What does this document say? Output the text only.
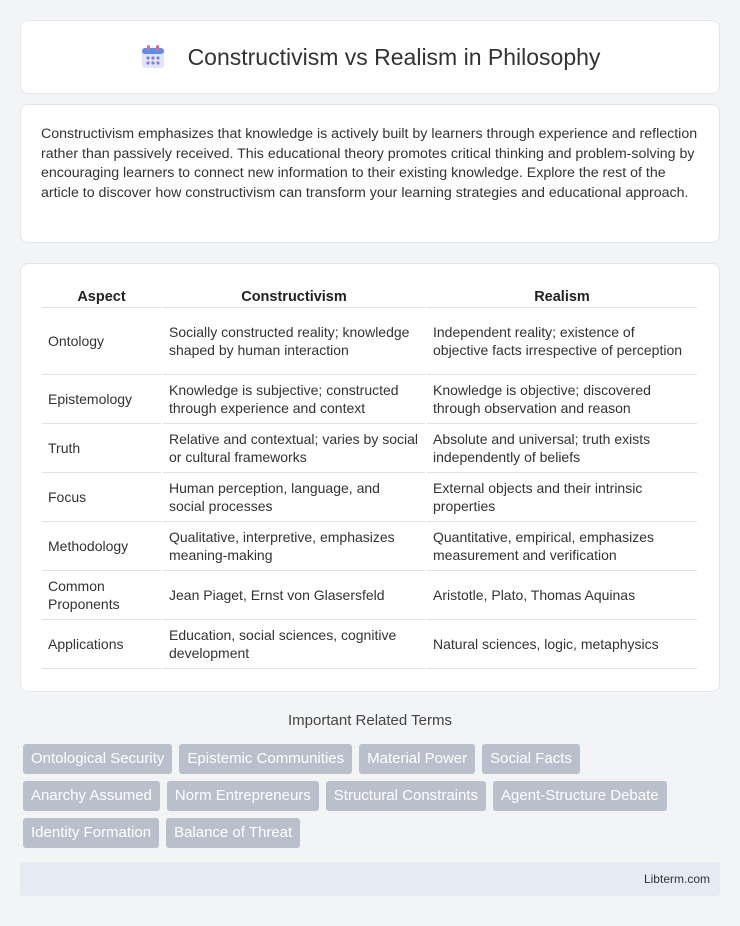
Constructivism vs Realism in Philosophy

Constructivism emphasizes that knowledge is actively built by learners through experience and reflection rather than passively received. This educational theory promotes critical thinking and problem-solving by encouraging learners to connect new information to their existing knowledge. Explore the rest of the article to discover how constructivism can transform your learning strategies and educational approach.

Aspect	Constructivism	Realism
Ontology	Socially constructed reality; knowledge shaped by human interaction	Independent reality; existence of objective facts irrespective of perception
Epistemology	Knowledge is subjective; constructed through experience and context	Knowledge is objective; discovered through observation and reason
Truth	Relative and contextual; varies by social or cultural frameworks	Absolute and universal; truth exists independently of beliefs
Focus	Human perception, language, and social processes	External objects and their intrinsic properties
Methodology	Qualitative, interpretive, emphasizes meaning-making	Quantitative, empirical, emphasizes measurement and verification
Common Proponents	Jean Piaget, Ernst von Glasersfeld	Aristotle, Plato, Thomas Aquinas
Applications	Education, social sciences, cognitive development	Natural sciences, logic, metaphysics
Important Related Terms
Ontological Security	Epistemic Communities	Material Power	Social Facts
Anarchy Assumed	Norm Entrepreneurs	Structural Constraints	Agent-Structure Debate
Identity Formation	Balance of Threat
Libterm.com
